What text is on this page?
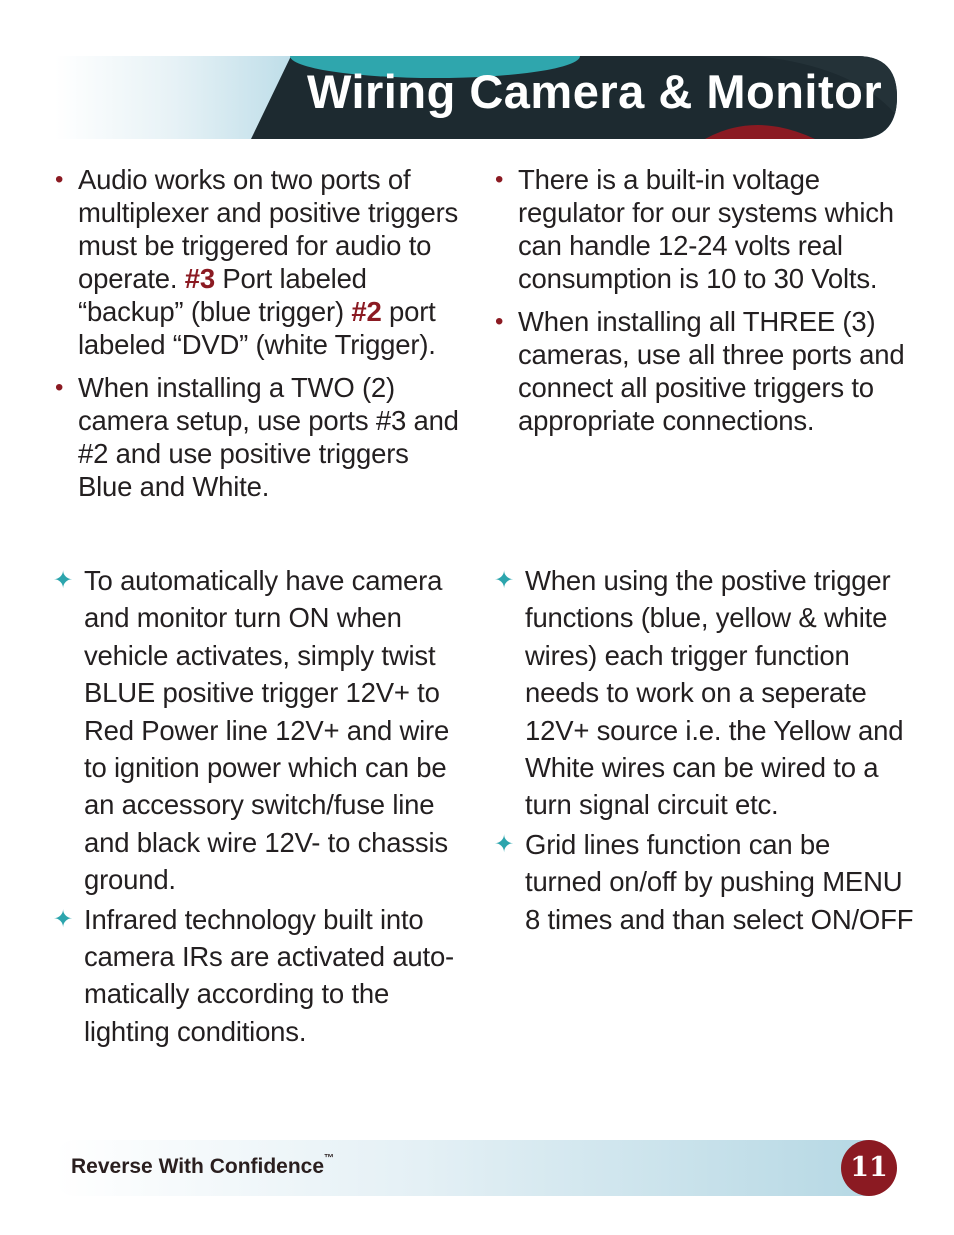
Wiring Camera & Monitor
• Audio works on two ports of multiplexer and positive triggers must be triggered for audio to operate. #3 Port labeled “backup” (blue trigger) #2 port labeled “DVD” (white Trigger).
• When installing a TWO (2) camera setup, use ports #3 and #2 and use positive triggers Blue and White.
• There is a built-in voltage regulator for our systems which can handle 12-24 volts real consumption is 10 to 30 Volts.
• When installing all THREE (3) cameras, use all three ports and connect all positive triggers to appropriate connections.
✦ To automatically have camera and monitor turn ON when vehicle activates, simply twist BLUE positive trigger 12V+ to Red Power line 12V+ and wire to ignition power which can be an accessory switch/fuse line and black wire 12V- to chassis ground.
✦ Infrared technology built into camera IRs are activated auto-matically according to the lighting conditions.
✦ When using the postive trigger functions (blue, yellow & white wires) each trigger function needs to work on a seperate 12V+ source i.e. the Yellow and White wires can be wired to a turn signal circuit etc.
✦ Grid lines function can be turned on/off by pushing MENU 8 times and than select ON/OFF
Reverse With Confidence™	11
